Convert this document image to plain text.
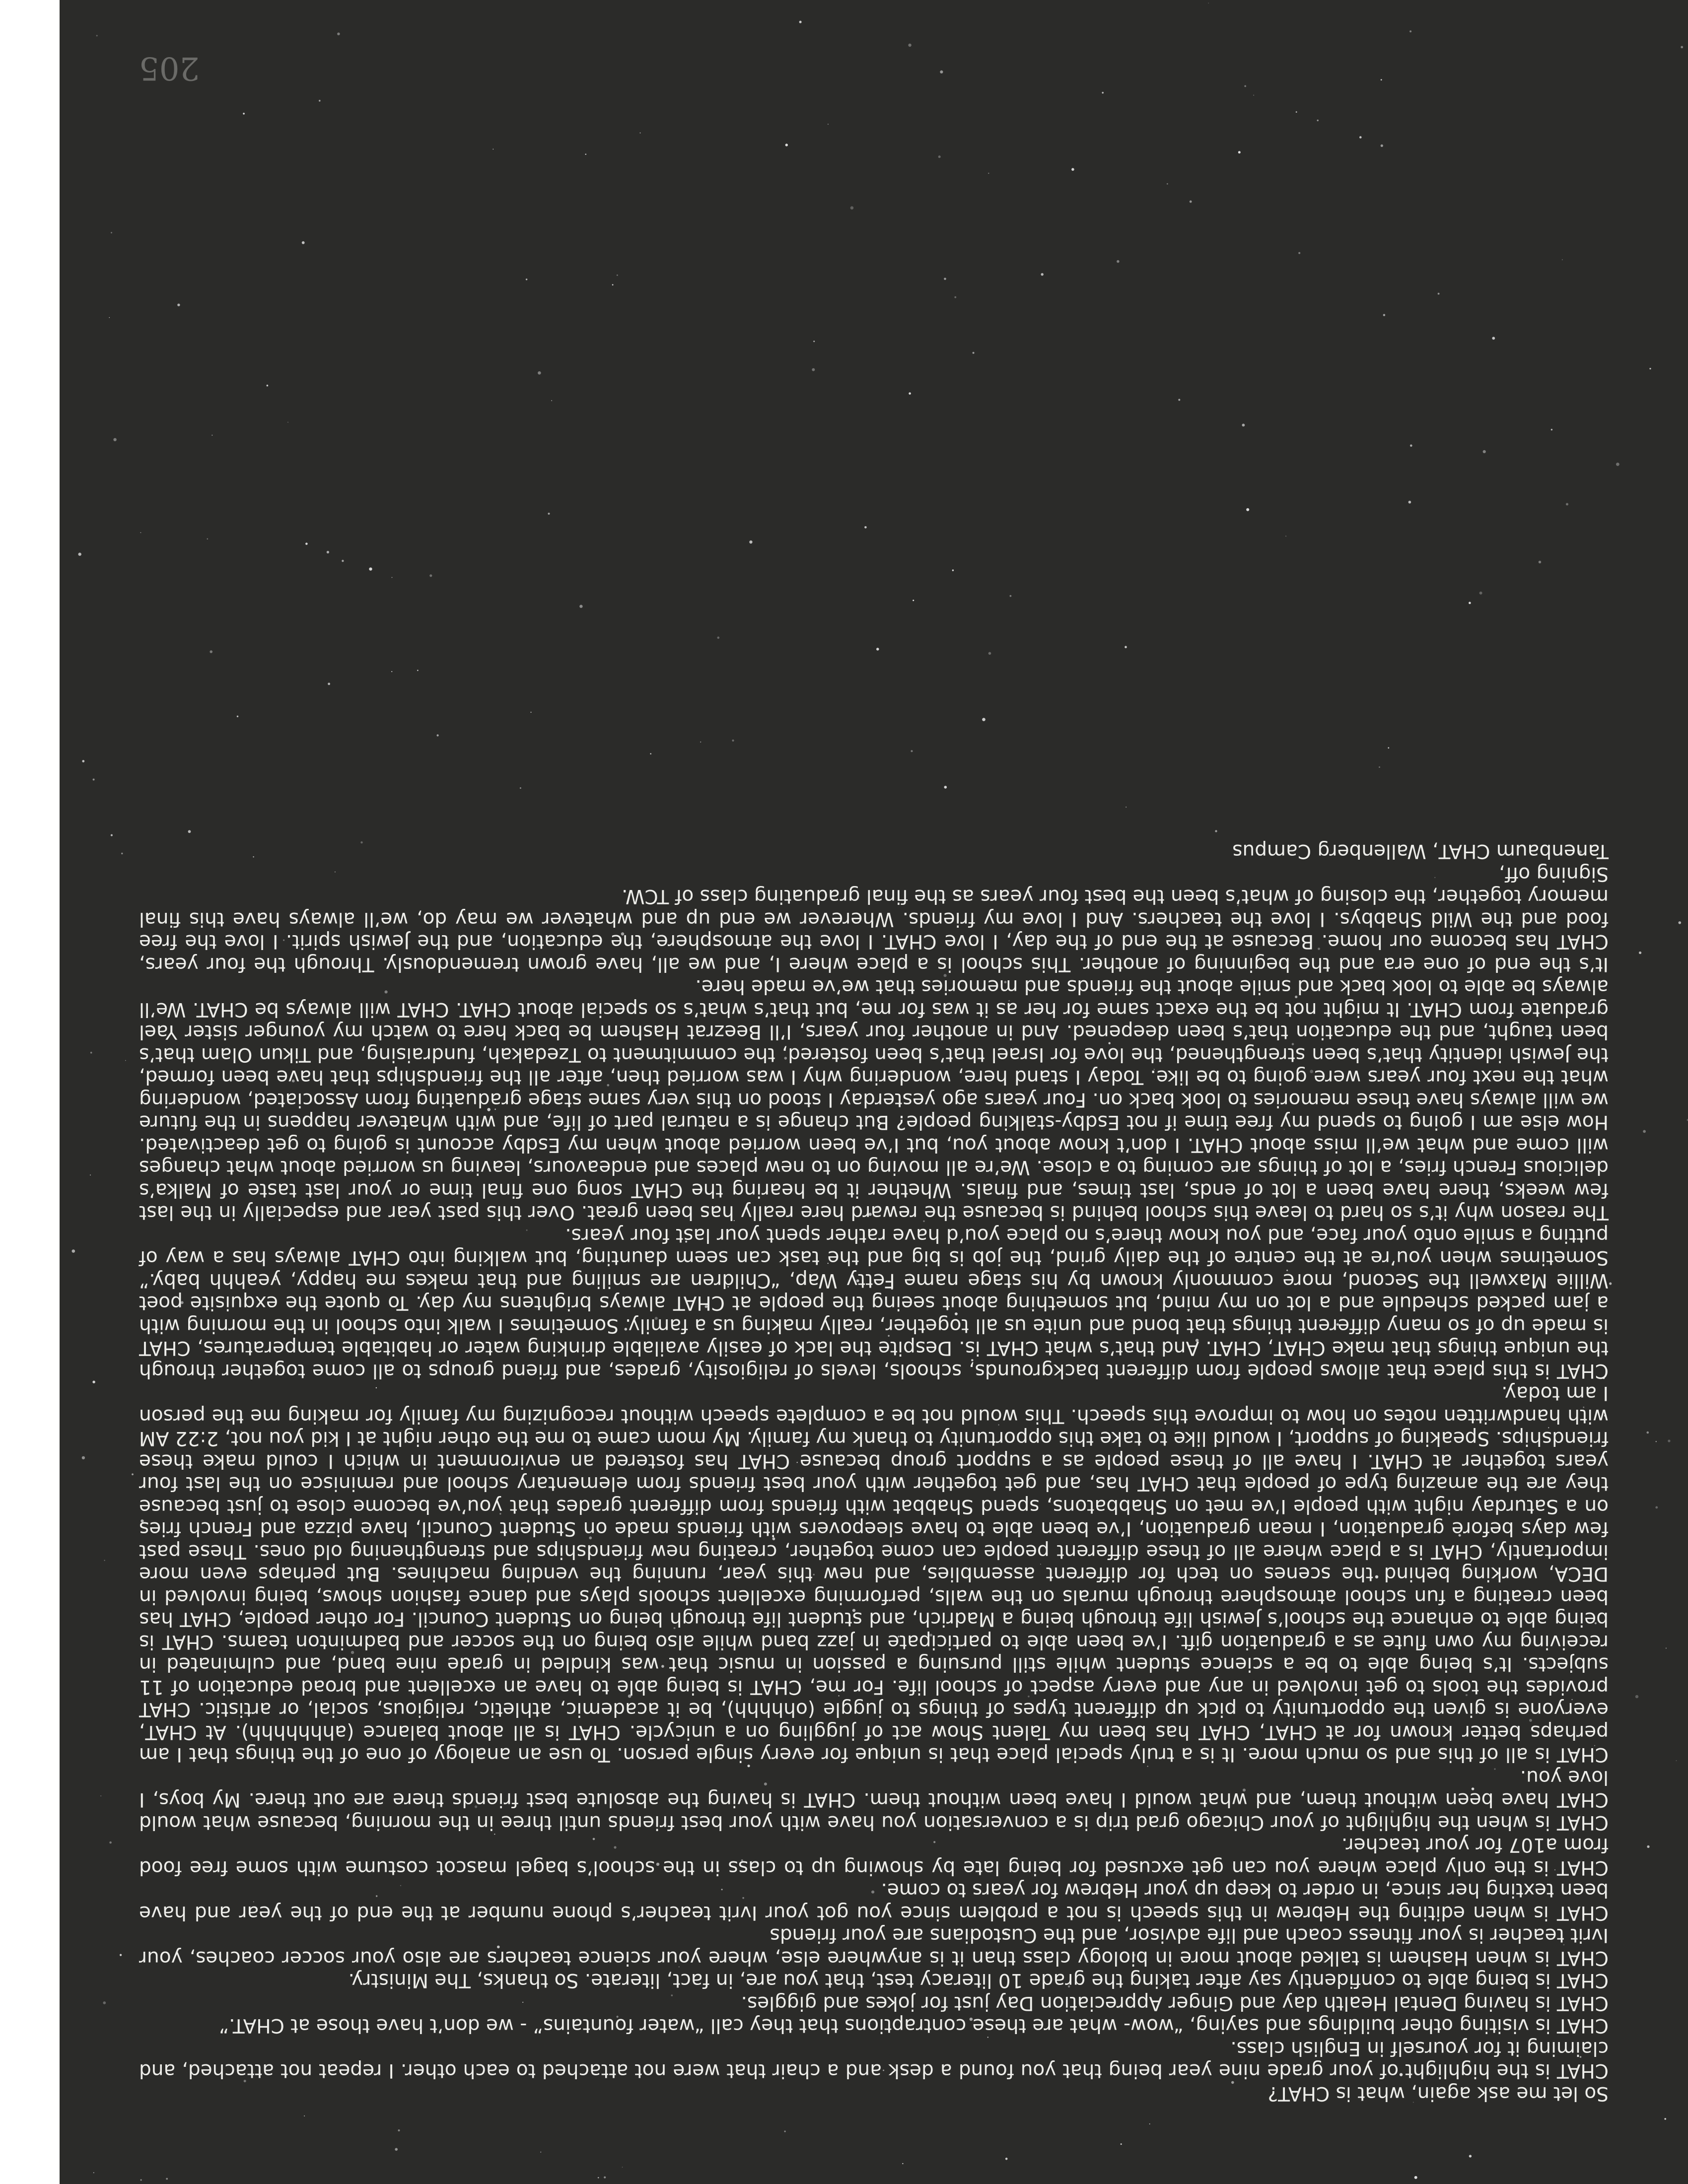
So let me ask again, what is CHAT?

CHAT is the highlight of your grade nine year being that you found a desk and a chair that were not attached to each other. I repeat not attached, and claiming it for yourself in English class.

CHAT is visiting other buildings and saying, “wow- what are these contraptions that they call “water fountains” - we don’t have those at CHAT.”

CHAT is having Dental Health day and Ginger Appreciation Day just for jokes and giggles.

CHAT is being able to confidently say after taking the grade 10 literacy test, that you are, in fact, literate. So thanks, The Ministry.

CHAT is when Hashem is talked about more in biology class than it is anywhere else, where your science teachers are also your soccer coaches, your Ivrit teacher is your fitness coach and life advisor, and the Custodians are your friends

CHAT is when editing the Hebrew in this speech is not a problem since you got your Ivrit teacher’s phone number at the end of the year and have been texting her since, in order to keep up your Hebrew for years to come.

CHAT is the only place where you can get excused for being late by showing up to class in the school’s bagel mascot costume with some free food from a107 for your teacher.

CHAT is when the highlight of your Chicago grad trip is a conversation you have with your best friends until three in the morning, because what would CHAT have been without them, and what would I have been without them. CHAT is having the absolute best friends there are out there. My boys, I love you.

CHAT is all of this and so much more. It is a truly special place that is unique for every single person. To use an analogy of one of the things that I am perhaps better known for at CHAT, CHAT has been my Talent Show act of juggling on a unicycle. CHAT is all about balance (ahhhhhhh). At CHAT, everyone is given the opportunity to pick up different types of things to juggle (ohhhhh), be it academic, athletic, religious, social, or artistic. CHAT provides the tools to get involved in any and every aspect of school life. For me, CHAT is being able to have an excellent and broad education of 11 subjects. It’s being able to be a science student while still pursuing a passion in music that was kindled in grade nine band, and culminated in receiving my own flute as a graduation gift. I’ve been able to participate in jazz band while also being on the soccer and badminton teams. CHAT is being able to enhance the school’s Jewish life through being a Madrich, and student life through being on Student Council. For other people, CHAT has been creating a fun school atmosphere through murals on the walls, performing excellent schools plays and dance fashion shows, being involved in DECA, working behind the scenes on tech for different assemblies, and new this year, running the vending machines. But perhaps even more importantly, CHAT is a place where all of these different people can come together, creating new friendships and strengthening old ones. These past few days before graduation, I mean graduation, I’ve been able to have sleepovers with friends made on Student Council, have pizza and French fries on a Saturday night with people I’ve met on Shabbatons, spend Shabbat with friends from different grades that you’ve become close to just because they are the amazing type of people that CHAT has, and get together with your best friends from elementary school and reminisce on the last four years together at CHAT. I have all of these people as a support group because CHAT has fostered an environment in which I could make these friendships. Speaking of support, I would like to take this opportunity to thank my family. My mom came to me the other night at I kid you not, 2:22 AM with handwritten notes on how to improve this speech. This would not be a complete speech without recognizing my family for making me the person I am today.

CHAT is this place that allows people from different backgrounds, schools, levels of religiosity, grades, and friend groups to all come together through the unique things that make CHAT, CHAT. And that’s what CHAT is. Despite the lack of easily available drinking water or habitable temperatures, CHAT is made up of so many different things that bond and unite us all together, really making us a family. Sometimes I walk into school in the morning with a jam packed schedule and a lot on my mind, but something about seeing the people at CHAT always brightens my day. To quote the exquisite poet Willie Maxwell the Second, more commonly known by his stage name Fetty Wap, “Children are smiling and that makes me happy, yeahhh baby.” Sometimes when you’re at the centre of the daily grind, the job is big and the task can seem daunting, but walking into CHAT always has a way of putting a smile onto your face, and you know there’s no place you’d have rather spent your last four years.

The reason why it’s so hard to leave this school behind is because the reward here really has been great. Over this past year and especially in the last few weeks, there have been a lot of ends, last times, and finals. Whether it be hearing the CHAT song one final time or your last taste of Malka’s delicious French fries, a lot of things are coming to a close. We’re all moving on to new places and endeavours, leaving us worried about what changes will come and what we’ll miss about CHAT. I don’t know about you, but I’ve been worried about when my Esdby account is going to get deactivated. How else am I going to spend my free time if not Esdby-stalking people? But change is a natural part of life, and with whatever happens in the future we will always have these memories to look back on. Four years ago yesterday I stood on this very same stage graduating from Associated, wondering what the next four years were going to be like. Today I stand here, wondering why I was worried then, after all the friendships that have been formed, the Jewish identity that’s been strengthened, the love for Israel that’s been fostered, the commitment to Tzedakah, fundraising, and Tikun Olam that’s been taught, and the education that’s been deepened. And in another four years, I’ll Beezrat Hashem be back here to watch my younger sister Yael graduate from CHAT. It might not be the exact same for her as it was for me, but that’s what’s so special about CHAT. CHAT will always be CHAT. We’ll always be able to look back and smile about the friends and memories that we’ve made here.

It’s the end of one era and the beginning of another. This school is a place where I, and we all, have grown tremendously. Through the four years, CHAT has become our home. Because at the end of the day, I love CHAT. I love the atmosphere, the education, and the Jewish spirit. I love the free food and the Wild Shabbys. I love the teachers. And I love my friends. Wherever we end up and whatever we may do, we’ll always have this final memory together, the closing of what’s been the best four years as the final graduating class of TCW.

Signing off,

Tanenbaum CHAT, Wallenberg Campus

205
